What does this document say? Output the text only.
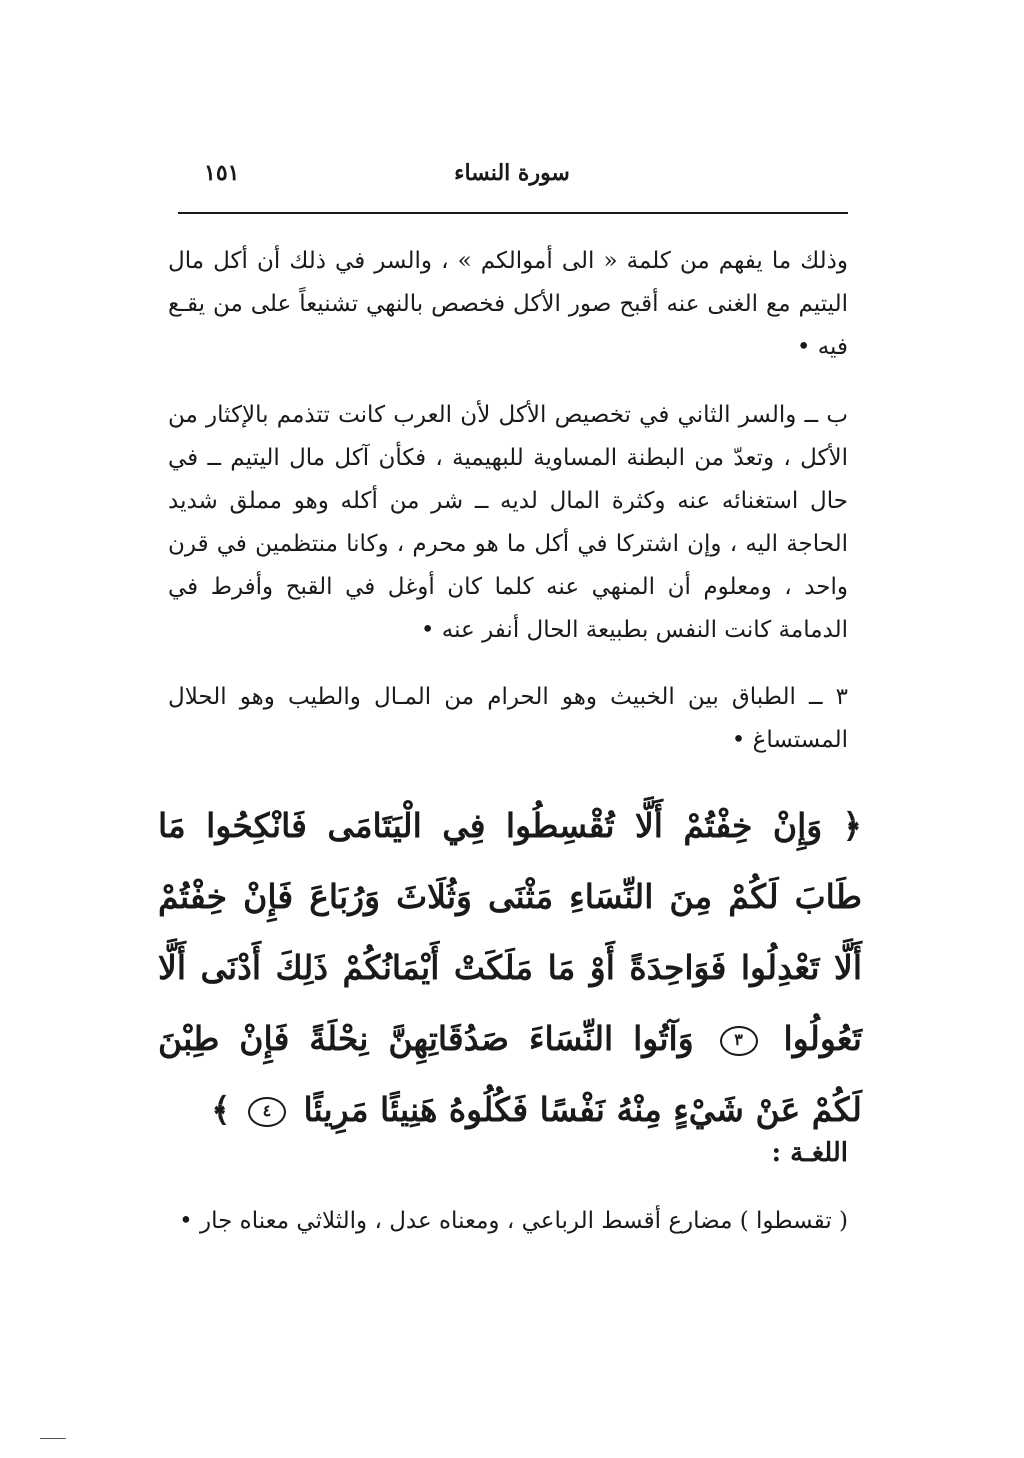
١٥١	سورة النساء
وذلك ما يفهم من كلمة « الى أموالكم » ، والسر في ذلك أن أكل مال اليتيم مع الغنى عنه أقبح صور الأكل فخصص بالنهي تشنيعاً على من يقـع فيه •
ب ــ والسر الثاني في تخصيص الأكل لأن العرب كانت تتذمم بالإكثار من الأكل ، وتعدّ من البطنة المساوية للبهيمية ، فكأن آكل مال اليتيم ــ في حال استغنائه عنه وكثرة المال لديه ــ شر من أكله وهو مملق شديد الحاجة اليه ، وإن اشتركا في أكل ما هو محرم ، وكانا منتظمين في قرن واحد ، ومعلوم أن المنهي عنه كلما كان أوغل في القبح وأفرط في الدمامة كانت النفس بطبيعة الحال أنفر عنه •
٣ ــ الطباق بين الخبيث وهو الحرام من المـال والطيب وهو الحلال المستساغ •
﴿ وَإِنْ خِفْتُمْ أَلَّا تُقْسِطُوا فِي الْيَتَامَى فَانْكِحُوا مَا طَابَ لَكُمْ مِنَ النِّسَاءِ مَثْنَى وَثُلَاثَ وَرُبَاعَ فَإِنْ خِفْتُمْ أَلَّا تَعْدِلُوا فَوَاحِدَةً أَوْ مَا مَلَكَتْ أَيْمَانُكُمْ ذَلِكَ أَدْنَى أَلَّا تَعُولُوا ٣ وَآتُوا النِّسَاءَ صَدُقَاتِهِنَّ نِحْلَةً فَإِنْ طِبْنَ لَكُمْ عَنْ شَيْءٍ مِنْهُ نَفْسًا فَكُلُوهُ هَنِيئًا مَرِيئًا ٤ ﴾
اللغـة :
( تقسطوا ) مضارع أقسط الرباعي ، ومعناه عدل ، والثلاثي معناه جار •
